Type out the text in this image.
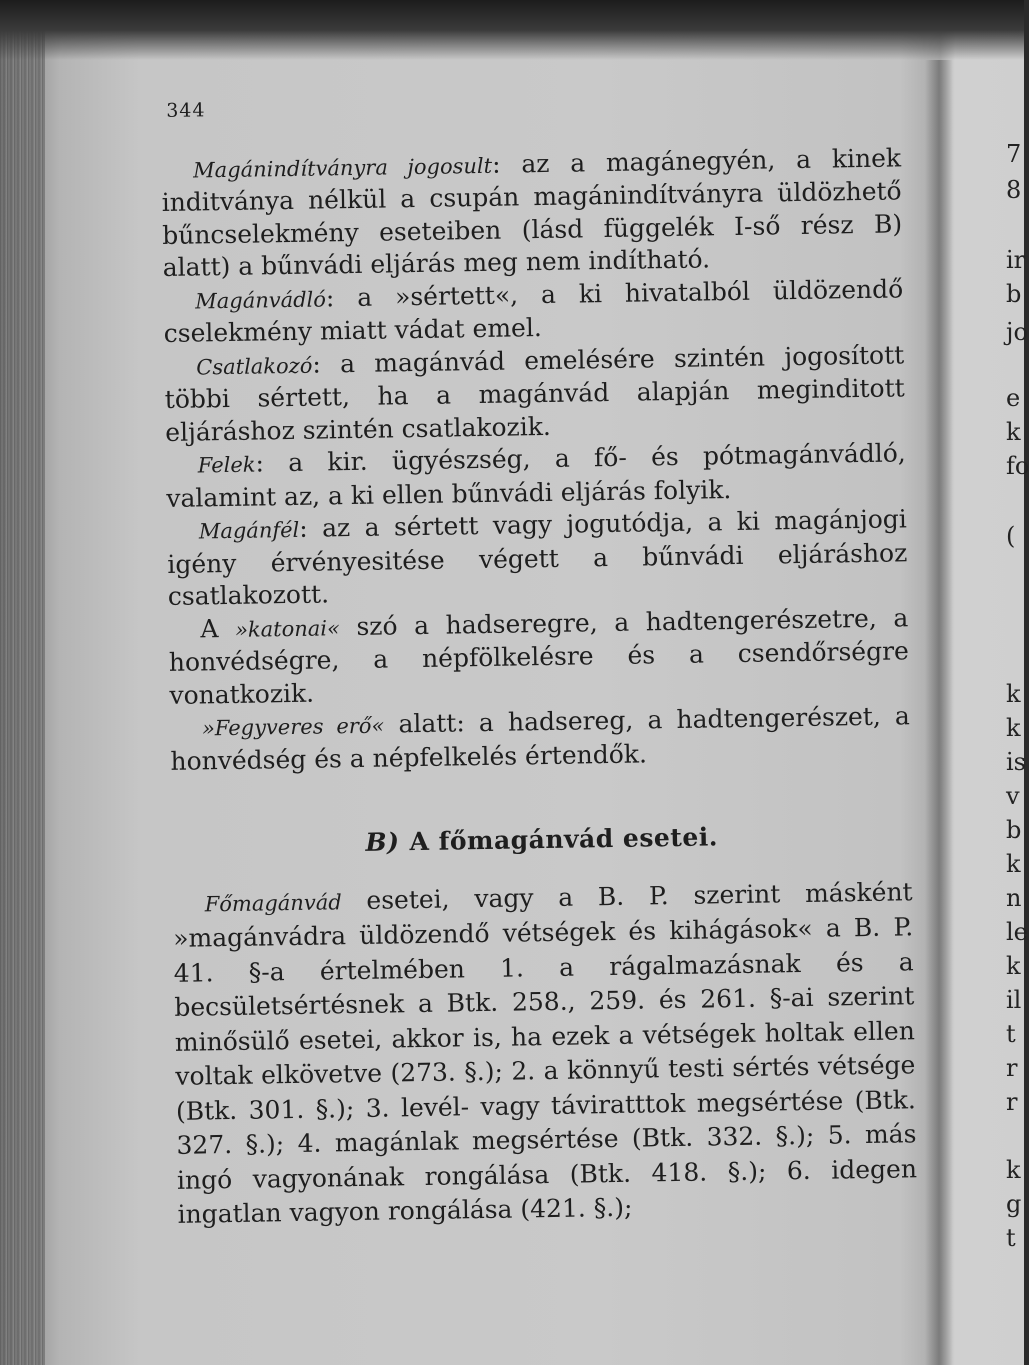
344

Magánindítványra jogosult: az a magánegyén, a kinek inditványa nélkül a csupán magánindítványra üldözhető bűncselekmény eseteiben (lásd függelék I-ső rész B) alatt) a bűnvádi eljárás meg nem indítható.

Magánvádló: a »sértett«, a ki hivatalból üldözendő cselekmény miatt vádat emel.

Csatlakozó: a magánvád emelésére szintén jogosított többi sértett, ha a magánvád alapján meginditott eljáráshoz szintén csatlakozik.

Felek: a kir. ügyészség, a fő- és pótmagánvádló, valamint az, a ki ellen bűnvádi eljárás folyik.

Magánfél: az a sértett vagy jogutódja, a ki magánjogi igény érvényesitése végett a bűnvádi eljáráshoz csatlakozott.

A »katonai« szó a hadseregre, a hadtengerészetre, a honvédségre, a népfölkelésre és a csendőrségre vonatkozik.

»Fegyveres erő« alatt: a hadsereg, a hadtengerészet, a honvédség és a népfelkelés értendők.

B) A főmagánvád esetei.

Főmagánvád esetei, vagy a B. P. szerint másként »magánvádra üldözendő vétségek és kihágások« a B. P. 41. §-a értelmében 1. a rágalmazásnak és a becsületsértésnek a Btk. 258., 259. és 261. §-ai szerint minősülő esetei, akkor is, ha ezek a vétségek holtak ellen voltak elkövetve (273. §.); 2. a könnyű testi sértés vétsége (Btk. 301. §.); 3. levél- vagy táviratttok megsértése (Btk. 327. §.); 4. magánlak megsértése (Btk. 332. §.); 5. más ingó vagyonának rongálása (Btk. 418. §.); 6. idegen ingatlan vagyon rongálása (421. §.);

7
8
ir
b
jo
e
k
fo
(
k
k
is
v
b
k
n
le
k
il
t
r
r
k
g
t
